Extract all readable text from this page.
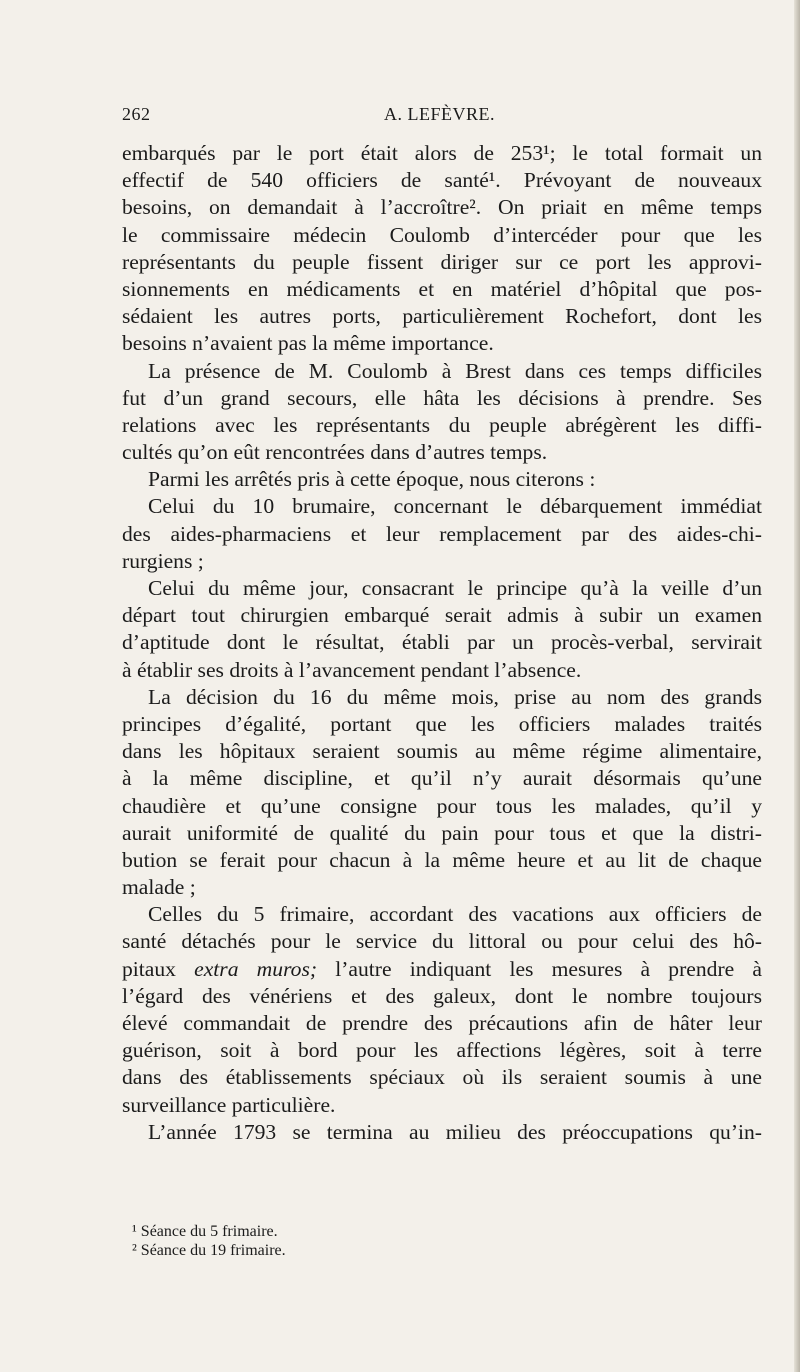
262	A. LEFÈVRE.
embarqués par le port était alors de 253¹; le total formait un
effectif de 540 officiers de santé¹. Prévoyant de nouveaux
besoins, on demandait à l’accroître². On priait en même temps
le commissaire médecin Coulomb d’intercéder pour que les
représentants du peuple fissent diriger sur ce port les approvi-
sionnements en médicaments et en matériel d’hôpital que pos-
sédaient les autres ports, particulièrement Rochefort, dont les
besoins n’avaient pas la même importance.
La présence de M. Coulomb à Brest dans ces temps difficiles
fut d’un grand secours, elle hâta les décisions à prendre. Ses
relations avec les représentants du peuple abrégèrent les diffi-
cultés qu’on eût rencontrées dans d’autres temps.
Parmi les arrêtés pris à cette époque, nous citerons :
Celui du 10 brumaire, concernant le débarquement immédiat
des aides-pharmaciens et leur remplacement par des aides-chi-
rurgiens ;
Celui du même jour, consacrant le principe qu’à la veille d’un
départ tout chirurgien embarqué serait admis à subir un examen
d’aptitude dont le résultat, établi par un procès-verbal, servirait
à établir ses droits à l’avancement pendant l’absence.
La décision du 16 du même mois, prise au nom des grands
principes d’égalité, portant que les officiers malades traités
dans les hôpitaux seraient soumis au même régime alimentaire,
à la même discipline, et qu’il n’y aurait désormais qu’une
chaudière et qu’une consigne pour tous les malades, qu’il y
aurait uniformité de qualité du pain pour tous et que la distri-
bution se ferait pour chacun à la même heure et au lit de chaque
malade ;
Celles du 5 frimaire, accordant des vacations aux officiers de
santé détachés pour le service du littoral ou pour celui des hô-
pitaux extra muros; l’autre indiquant les mesures à prendre à
l’égard des vénériens et des galeux, dont le nombre toujours
élevé commandait de prendre des précautions afin de hâter leur
guérison, soit à bord pour les affections légères, soit à terre
dans des établissements spéciaux où ils seraient soumis à une
surveillance particulière.
L’année 1793 se termina au milieu des préoccupations qu’in-
¹ Séance du 5 frimaire.
² Séance du 19 frimaire.
